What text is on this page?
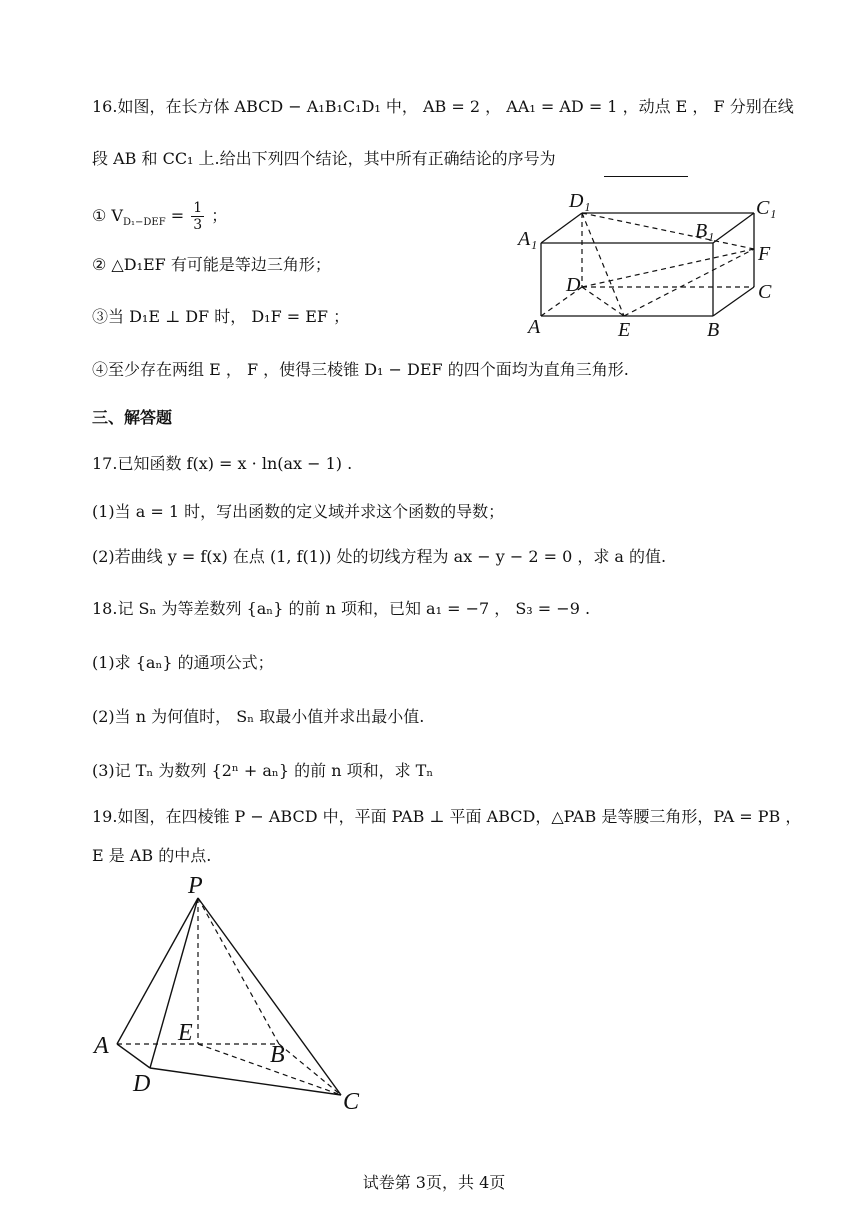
16.如图，在长方体 ABCD − A₁B₁C₁D₁ 中， AB = 2 ， AA₁ = AD = 1 ，动点 E ， F 分别在线
段 AB 和 CC₁ 上.给出下列四个结论，其中所有正确结论的序号为
① $V_{D_1-DEF} = \frac{1}{3}$ ；
② △D₁EF 有可能是等边三角形；
③当 D₁E ⊥ DF 时， D₁F = EF ；
④至少存在两组 E ， F ，使得三棱锥 D₁ − DEF 的四个面均为直角三角形.
D₁	C₁
A₁	B₁
F
D	C
A	E	B
三、解答题
17.已知函数 f(x) = x · ln(ax − 1) .
(1)当 a = 1 时，写出函数的定义域并求这个函数的导数；
(2)若曲线 y = f(x) 在点 (1, f(1)) 处的切线方程为 ax − y − 2 = 0 ，求 a 的值.
18.记 Sₙ 为等差数列 {aₙ} 的前 n 项和，已知 a₁ = −7 ， S₃ = −9 .
(1)求 {aₙ} 的通项公式；
(2)当 n 为何值时， Sₙ 取最小值并求出最小值.
(3)记 Tₙ 为数列 {2ⁿ + aₙ} 的前 n 项和，求 Tₙ
19.如图，在四棱锥 P − ABCD 中，平面 PAB ⊥ 平面 ABCD，△PAB 是等腰三角形，PA = PB ，
E 是 AB 的中点.
P
A	E
B
D
C
试卷第 3页，共 4页
